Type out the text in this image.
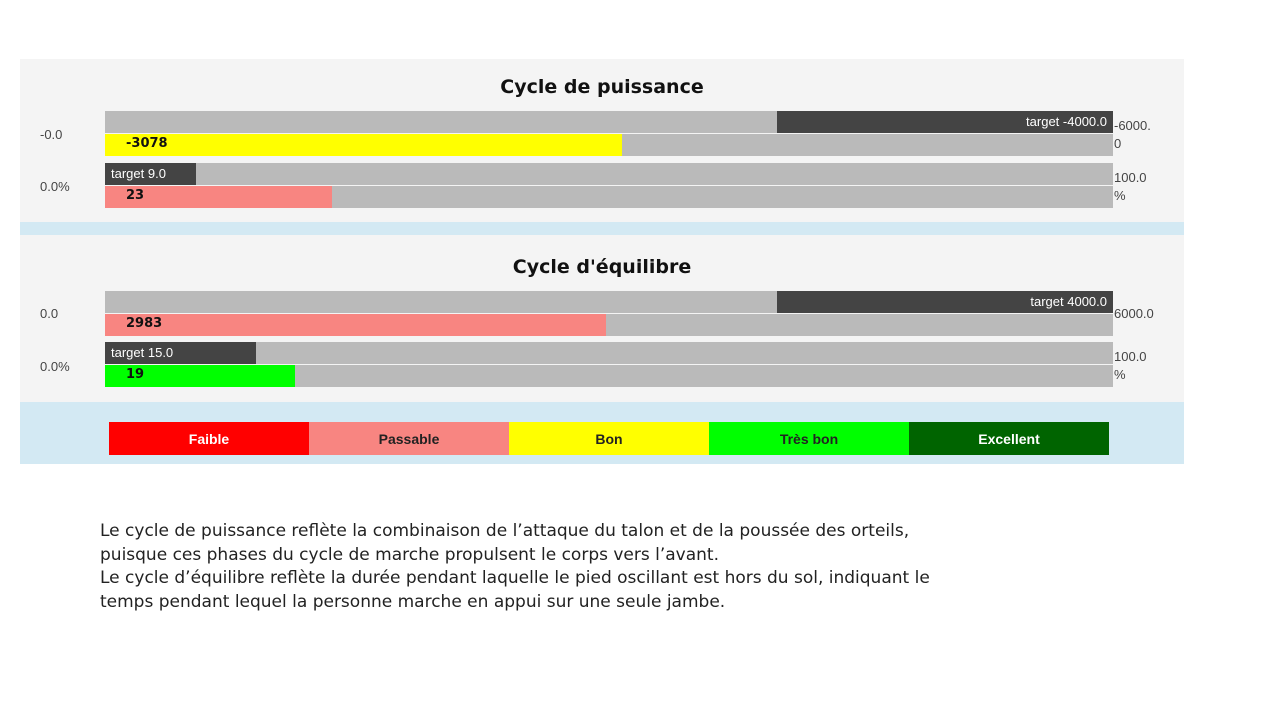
Cycle de puissance
-0.0
target -4000.0
-3078
-6000.
0
0.0%
target 9.0
23
100.0
%
Cycle d'équilibre
0.0
target 4000.0
2983
6000.0
0.0%
target 15.0
19
100.0
%
Faible	Passable	Bon	Très bon	Excellent
Le cycle de puissance reflète la combinaison de l’attaque du talon et de la poussée des orteils,
puisque ces phases du cycle de marche propulsent le corps vers l’avant.
Le cycle d’équilibre reflète la durée pendant laquelle le pied oscillant est hors du sol, indiquant le
temps pendant lequel la personne marche en appui sur une seule jambe.
